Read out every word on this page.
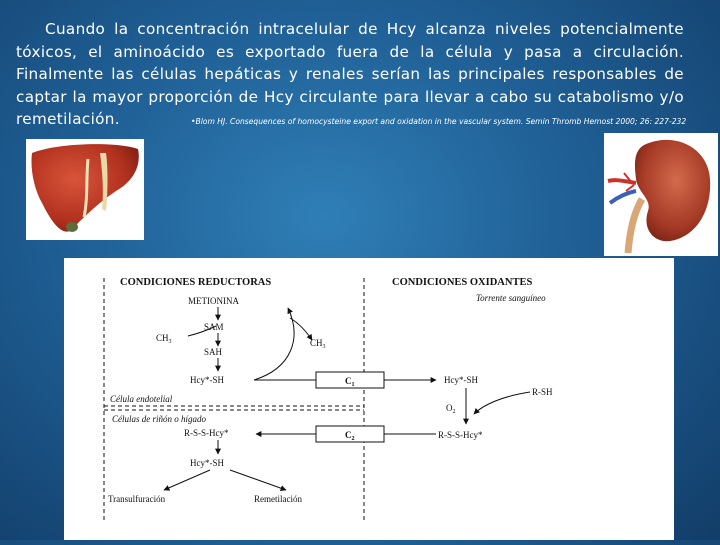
Cuando la concentración intracelular de Hcy alcanza niveles potencialmente tóxicos, el aminoácido es exportado fuera de la célula y pasa a circulación. Finalmente las células hepáticas y renales serían las principales responsables de captar la mayor proporción de Hcy circulante para llevar a cabo su catabolismo y/o remetilación.	•Blom HJ. Consequences of homocysteine export and oxidation in the vascular system. Semin Thromb Hemost 2000; 26: 227-232
CONDICIONES REDUCTORAS	CONDICIONES OXIDANTES
Torrente sanguíneo
METIONINA
SAM
SAH
$CH_3$	$CH_3$
Hcy*-SH
Célula endotelial
Células de riñón o hígado
R-S-S-Hcy*
Hcy*-SH
Transulfuración	Remetilación
$C_1$
$C_2$
Hcy*-SH
R-SH
$O_2$
R-S-S-Hcy*
